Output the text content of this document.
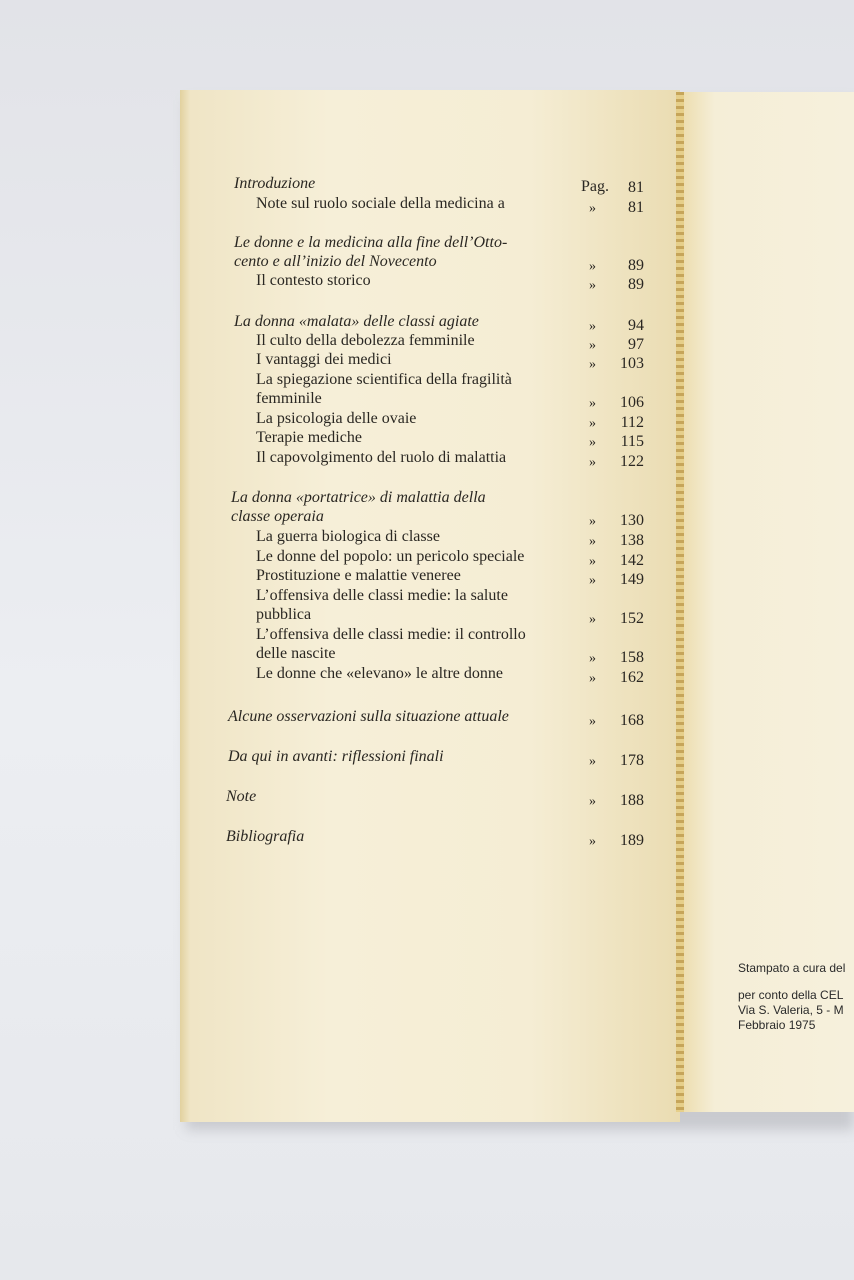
Pag.
Introduzione	81
Note sul ruolo sociale della medicina a	81
»
Le donne e la medicina alla fine dell’Otto-
cento e all’inizio del Novecento	89
»
Il contesto storico	89
»
La donna «malata» delle classi agiate	94
»
Il culto della debolezza femminile	97
»
I vantaggi dei medici	103
»
La spiegazione scientifica della fragilità
femminile	106
»
La psicologia delle ovaie	112
»
Terapie mediche	115
»
Il capovolgimento del ruolo di malattia	122
»
La donna «portatrice» di malattia della
classe operaia	130
»
La guerra biologica di classe	138
»
Le donne del popolo: un pericolo speciale	142
»
Prostituzione e malattie veneree	149
»
L’offensiva delle classi medie: la salute
pubblica	152
»
L’offensiva delle classi medie: il controllo
delle nascite	158
»
Le donne che «elevano» le altre donne	162
»
Alcune osservazioni sulla situazione attuale	168
»
Da qui in avanti: riflessioni finali	178
»
Note	188
»
Bibliografia	189
»
Stampato a cura del
per conto della CEL
Via S. Valeria, 5 - M
Febbraio 1975
